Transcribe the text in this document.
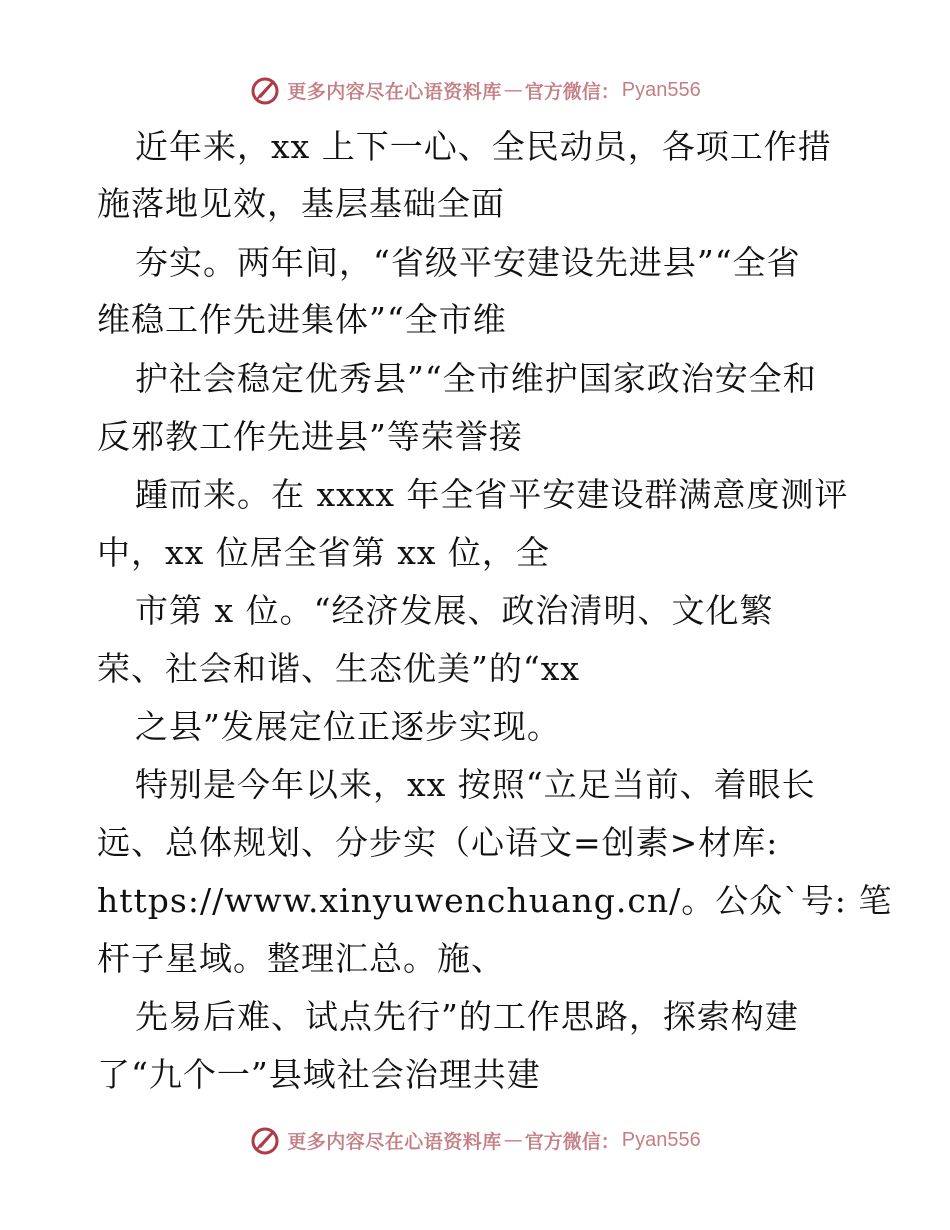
更多内容尽在心语资料库 — 官方微信： Pyan556
近年来，xx 上下一心、全民动员，各项工作措
施落地见效，基层基础全面
夯实。两年间，“省级平安建设先进县”“全省
维稳工作先进集体”“全市维
护社会稳定优秀县”“全市维护国家政治安全和
反邪教工作先进县”等荣誉接
踵而来。在 xxxx 年全省平安建设群满意度测评
中，xx 位居全省第 xx 位，全
市第 x 位。“经济发展、政治清明、文化繁
荣、社会和谐、生态优美”的“xx
之县”发展定位正逐步实现。
特别是今年以来，xx 按照“立足当前、着眼长
远、总体规划、分步实（心语文=创素>材库:
https://www.xinyuwenchuang.cn/。公众`号: 笔
杆子星域。整理汇总。施、
先易后难、试点先行”的工作思路，探索构建
了“九个一”县域社会治理共建
更多内容尽在心语资料库 — 官方微信： Pyan556
